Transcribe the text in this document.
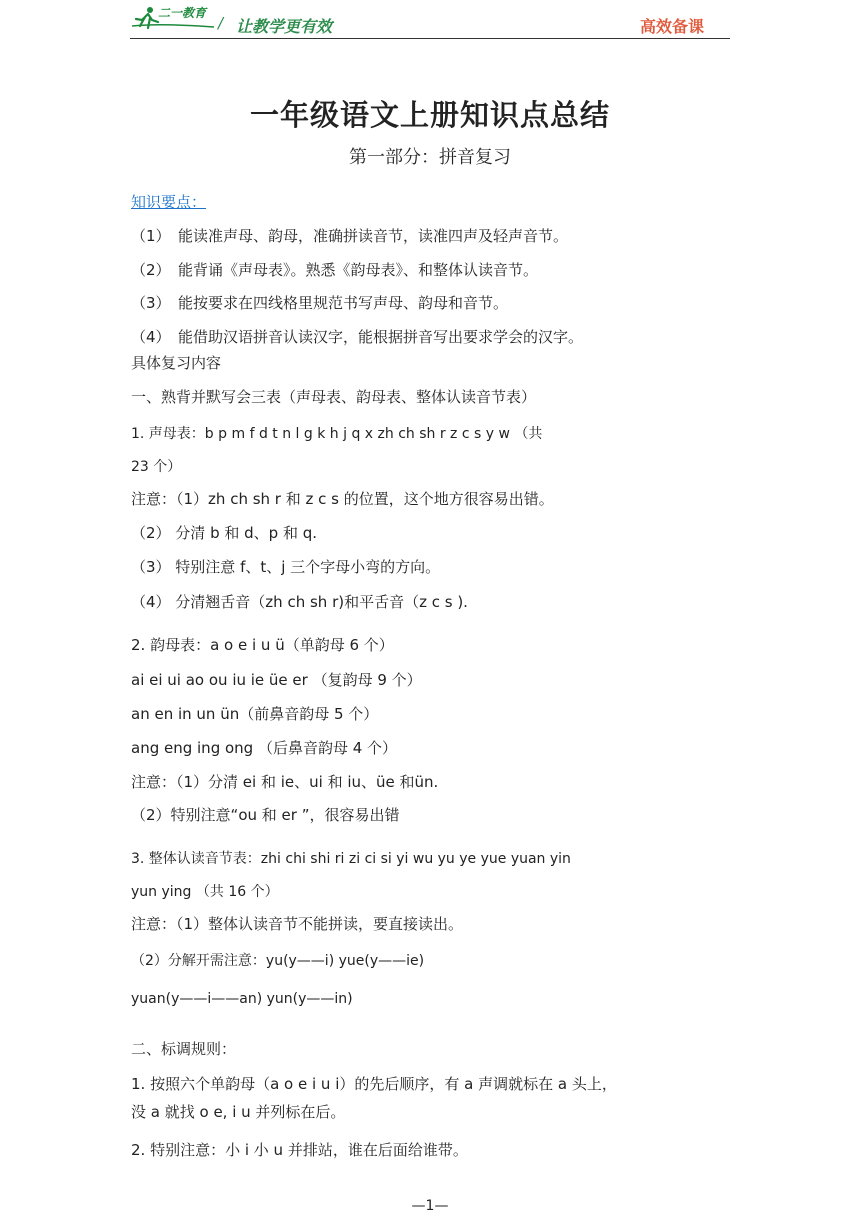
二一教育
/ 让教学更有效	高效备课
一年级语文上册知识点总结
第一部分：拼音复习
知识要点：
（1）　能读准声母、韵母，准确拼读音节，读准四声及轻声音节。
（2）　能背诵《声母表》。熟悉《韵母表》、和整体认读音节。
（3）　能按要求在四线格里规范书写声母、韵母和音节。
（4）　能借助汉语拼音认读汉字，能根据拼音写出要求学会的汉字。
具体复习内容
一、熟背并默写会三表（声母表、韵母表、整体认读音节表）
1. 声母表：b p m f d t n l g k h j q x zh ch sh r z c s y w （共
23 个）
注意：（1）zh ch sh r 和 z c s 的位置，这个地方很容易出错。
（2） 分清 b 和 d、p 和 q.
（3） 特别注意 f、t、j 三个字母小弯的方向。
（4） 分清翘舌音（zh ch sh r)和平舌音（z c s ).
2. 韵母表：a o e i u ü（单韵母 6 个）
ai ei ui ao ou iu ie üe er （复韵母 9 个）
an en in un ün（前鼻音韵母 5 个）
ang eng ing ong （后鼻音韵母 4 个）
注意：（1）分清 ei 和 ie、ui 和 iu、üe 和ün.
（2）特别注意“ou 和 er ”，很容易出错
3. 整体认读音节表：zhi chi shi ri zi ci si yi wu yu ye yue yuan yin
yun ying （共 16 个）
注意：（1）整体认读音节不能拼读，要直接读出。
（2）分解开需注意：yu(y——i) yue(y——ie)
yuan(y——i——an) yun(y——in)
二、标调规则：
1. 按照六个单韵母（a o e i u i）的先后顺序，有 a 声调就标在 a 头上，
没 a 就找 o e, i u 并列标在后。
2. 特别注意：小 i 小 u 并排站，谁在后面给谁带。
—1—
